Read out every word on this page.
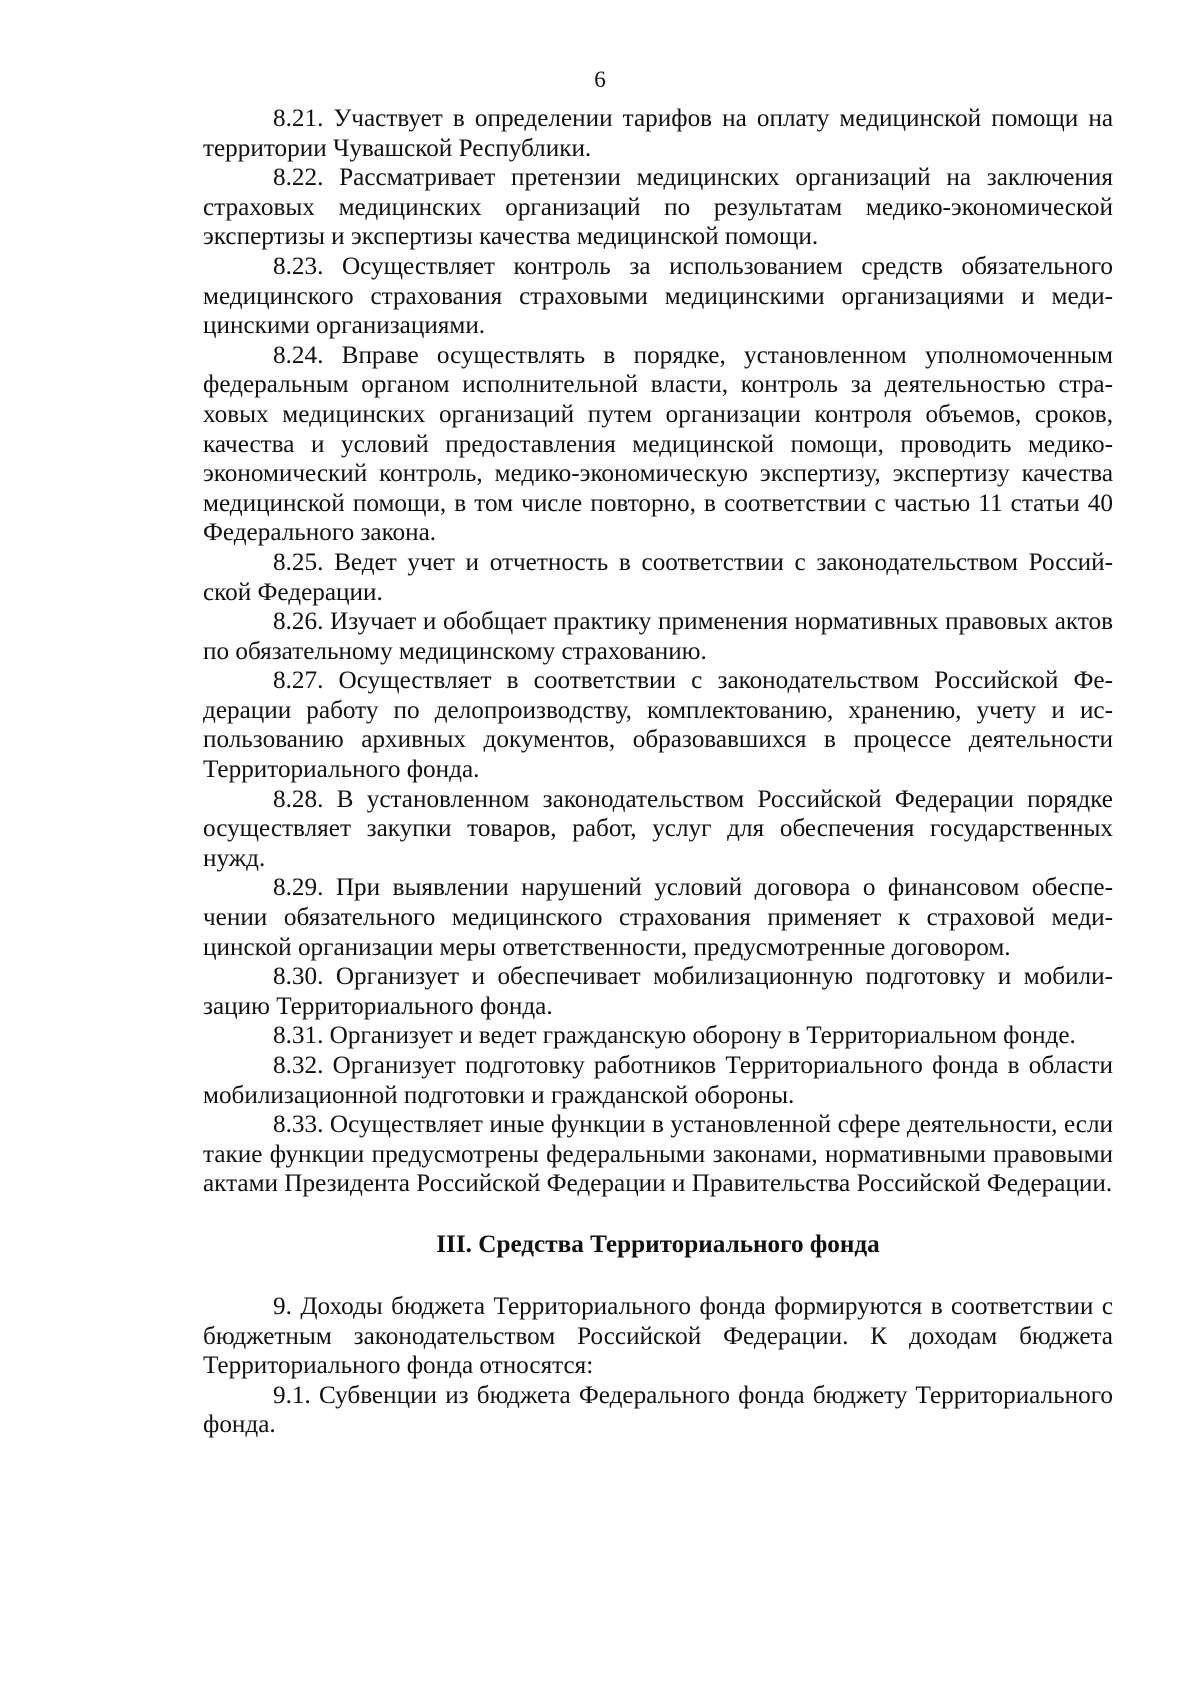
6

8.21. Участвует в определении тарифов на оплату медицинской помощи на территории Чувашской Республики.

8.22. Рассматривает претензии медицинских организаций на заключения страховых медицинских организаций по результатам медико-экономической экспертизы и экспертизы качества медицинской помощи.

8.23. Осуществляет контроль за использованием средств обязательного медицинского страхования страховыми медицинскими организациями и медицинскими организациями.

8.24. Вправе осуществлять в порядке, установленном уполномоченным федеральным органом исполнительной власти, контроль за деятельностью страховых медицинских организаций путем организации контроля объемов, сроков, качества и условий предоставления медицинской помощи, проводить медико-экономический контроль, медико-экономическую экспертизу, экспертизу качества медицинской помощи, в том числе повторно, в соответствии с частью 11 статьи 40 Федерального закона.

8.25. Ведет учет и отчетность в соответствии с законодательством Российской Федерации.

8.26. Изучает и обобщает практику применения нормативных правовых актов по обязательному медицинскому страхованию.

8.27. Осуществляет в соответствии с законодательством Российской Федерации работу по делопроизводству, комплектованию, хранению, учету и использованию архивных документов, образовавшихся в процессе деятельности Территориального фонда.

8.28. В установленном законодательством Российской Федерации порядке осуществляет закупки товаров, работ, услуг для обеспечения государственных нужд.

8.29. При выявлении нарушений условий договора о финансовом обеспечении обязательного медицинского страхования применяет к страховой медицинской организации меры ответственности, предусмотренные договором.

8.30. Организует и обеспечивает мобилизационную подготовку и мобилизацию Территориального фонда.

8.31. Организует и ведет гражданскую оборону в Территориальном фонде.

8.32. Организует подготовку работников Территориального фонда в области мобилизационной подготовки и гражданской обороны.

8.33. Осуществляет иные функции в установленной сфере деятельности, если такие функции предусмотрены федеральными законами, нормативными правовыми актами Президента Российской Федерации и Правительства Российской Федерации.

III. Средства Территориального фонда

9. Доходы бюджета Территориального фонда формируются в соответствии с бюджетным законодательством Российской Федерации. К доходам бюджета Территориального фонда относятся:

9.1. Субвенции из бюджета Федерального фонда бюджету Территориального фонда.
